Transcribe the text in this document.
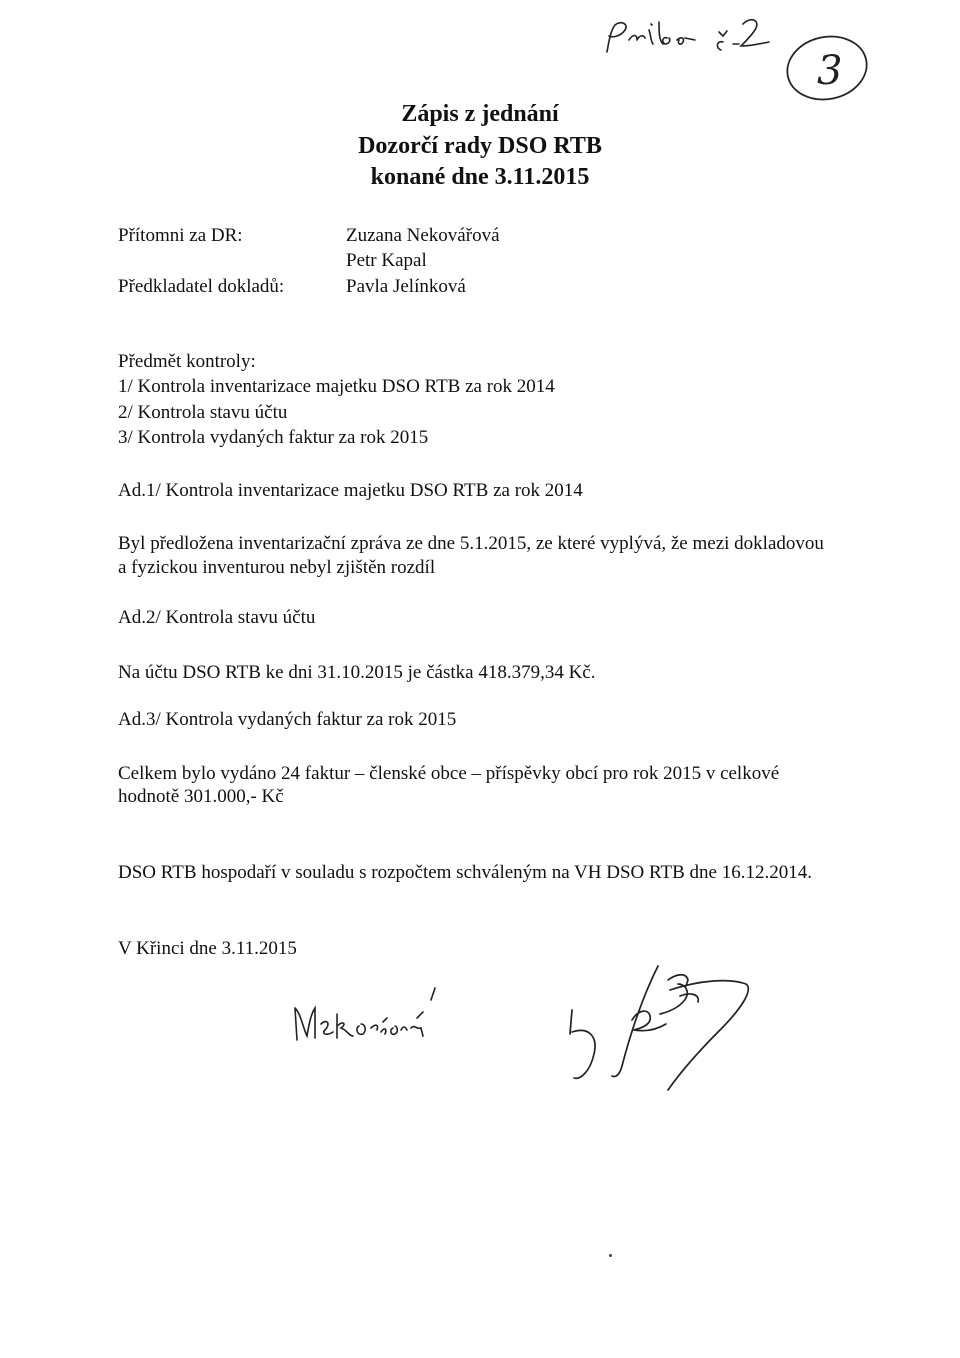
3
Zápis z jednání
Dozorčí rady DSO RTB
konané dne 3.11.2015
Přítomni za DR:	Zuzana Nekovářová
Petr Kapal
Předkladatel dokladů:	Pavla Jelínková
Předmět kontroly:
1/ Kontrola inventarizace majetku DSO RTB za rok 2014
2/ Kontrola stavu účtu
3/ Kontrola vydaných faktur za rok 2015
Ad.1/ Kontrola inventarizace majetku DSO RTB za rok 2014
Byl předložena inventarizační zpráva ze dne 5.1.2015, ze které vyplývá, že mezi dokladovou
a fyzickou inventurou nebyl zjištěn rozdíl
Ad.2/ Kontrola stavu účtu
Na účtu DSO RTB ke dni 31.10.2015 je částka 418.379,34 Kč.
Ad.3/ Kontrola vydaných faktur za rok 2015
Celkem bylo vydáno 24 faktur – členské obce – příspěvky obcí pro rok 2015 v celkové
hodnotě 301.000,- Kč
DSO RTB hospodaří v souladu s rozpočtem schváleným na VH DSO RTB dne 16.12.2014.
V Křinci dne 3.11.2015
